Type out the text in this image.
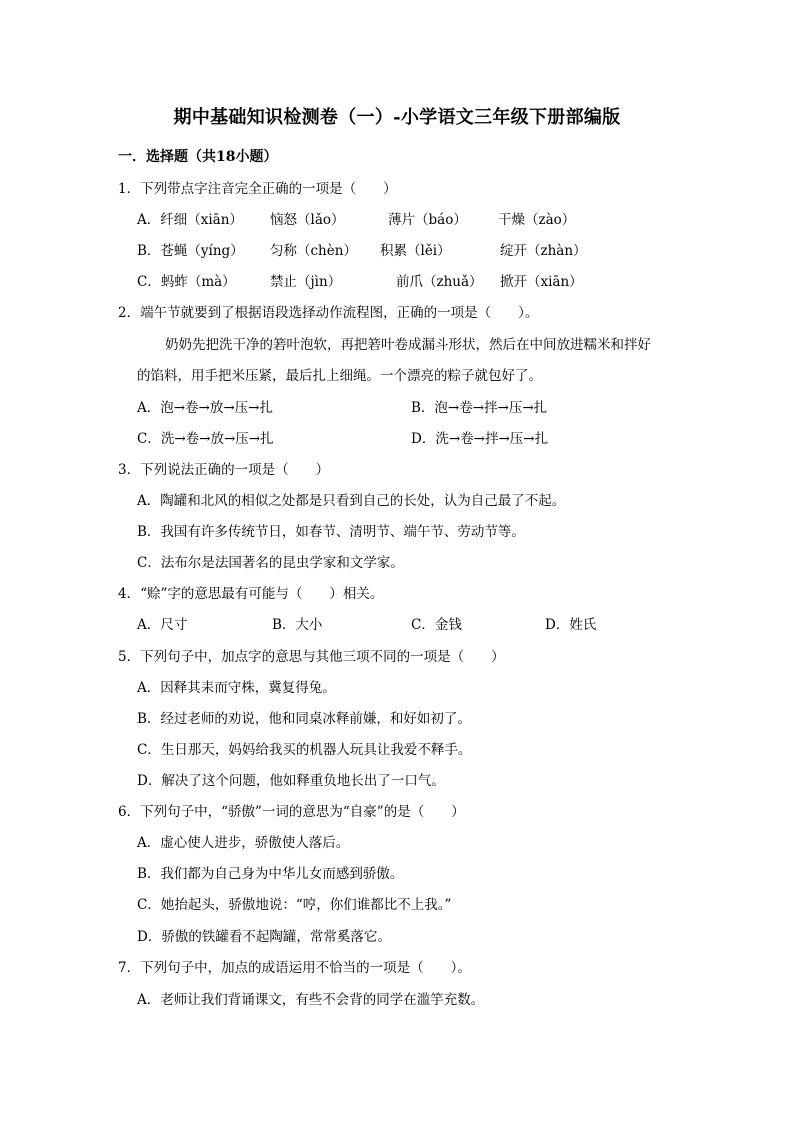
期中基础知识检测卷（一）-小学语文三年级下册部编版
一．选择题（共18小题）
1．下列带点字注音完全正确的一项是（　　）
A．纤细（xiān） 恼怒（lǎo）	薄片（báo） 干燥（zào）
B．苍蝇（yíng） 匀称（chèn） 积累（lěi）	绽开（zhàn）
C．蚂蚱（mà）	禁止（jìn）	前爪（zhuǎ） 掀开（xiān）
2．端午节就要到了根据语段选择动作流程图，正确的一项是（　　）。
奶奶先把洗干净的箬叶泡软，再把箬叶卷成漏斗形状，然后在中间放进糯米和拌好
的馅料，用手把米压紧，最后扎上细绳。一个漂亮的粽子就包好了。
A．泡→卷→放→压→扎	B．泡→卷→拌→压→扎
C．洗→卷→放→压→扎	D．洗→卷→拌→压→扎
3．下列说法正确的一项是（　　）
A．陶罐和北风的相似之处都是只看到自己的长处，认为自己最了不起。
B．我国有许多传统节日，如春节、清明节、端午节、劳动节等。
C．法布尔是法国著名的昆虫学家和文学家。
4．“赊”字的意思最有可能与（　　）相关。
A．尺寸	B．大小	C．金钱	D．姓氏
5．下列句子中，加点字的意思与其他三项不同的一项是（　　）
A．因释其耒而守株，冀复得兔。
B．经过老师的劝说，他和同桌冰释前嫌，和好如初了。
C．生日那天，妈妈给我买的机器人玩具让我爱不释手。
D．解决了这个问题，他如释重负地长出了一口气。
6．下列句子中，“骄傲”一词的意思为“自豪”的是（　　）
A．虚心使人进步，骄傲使人落后。
B．我们都为自己身为中华儿女而感到骄傲。
C．她抬起头，骄傲地说：“哼，你们谁都比不上我。”
D．骄傲的铁罐看不起陶罐，常常奚落它。
7．下列句子中，加点的成语运用不恰当的一项是（　　）。
A．老师让我们背诵课文，有些不会背的同学在滥竽充数。
